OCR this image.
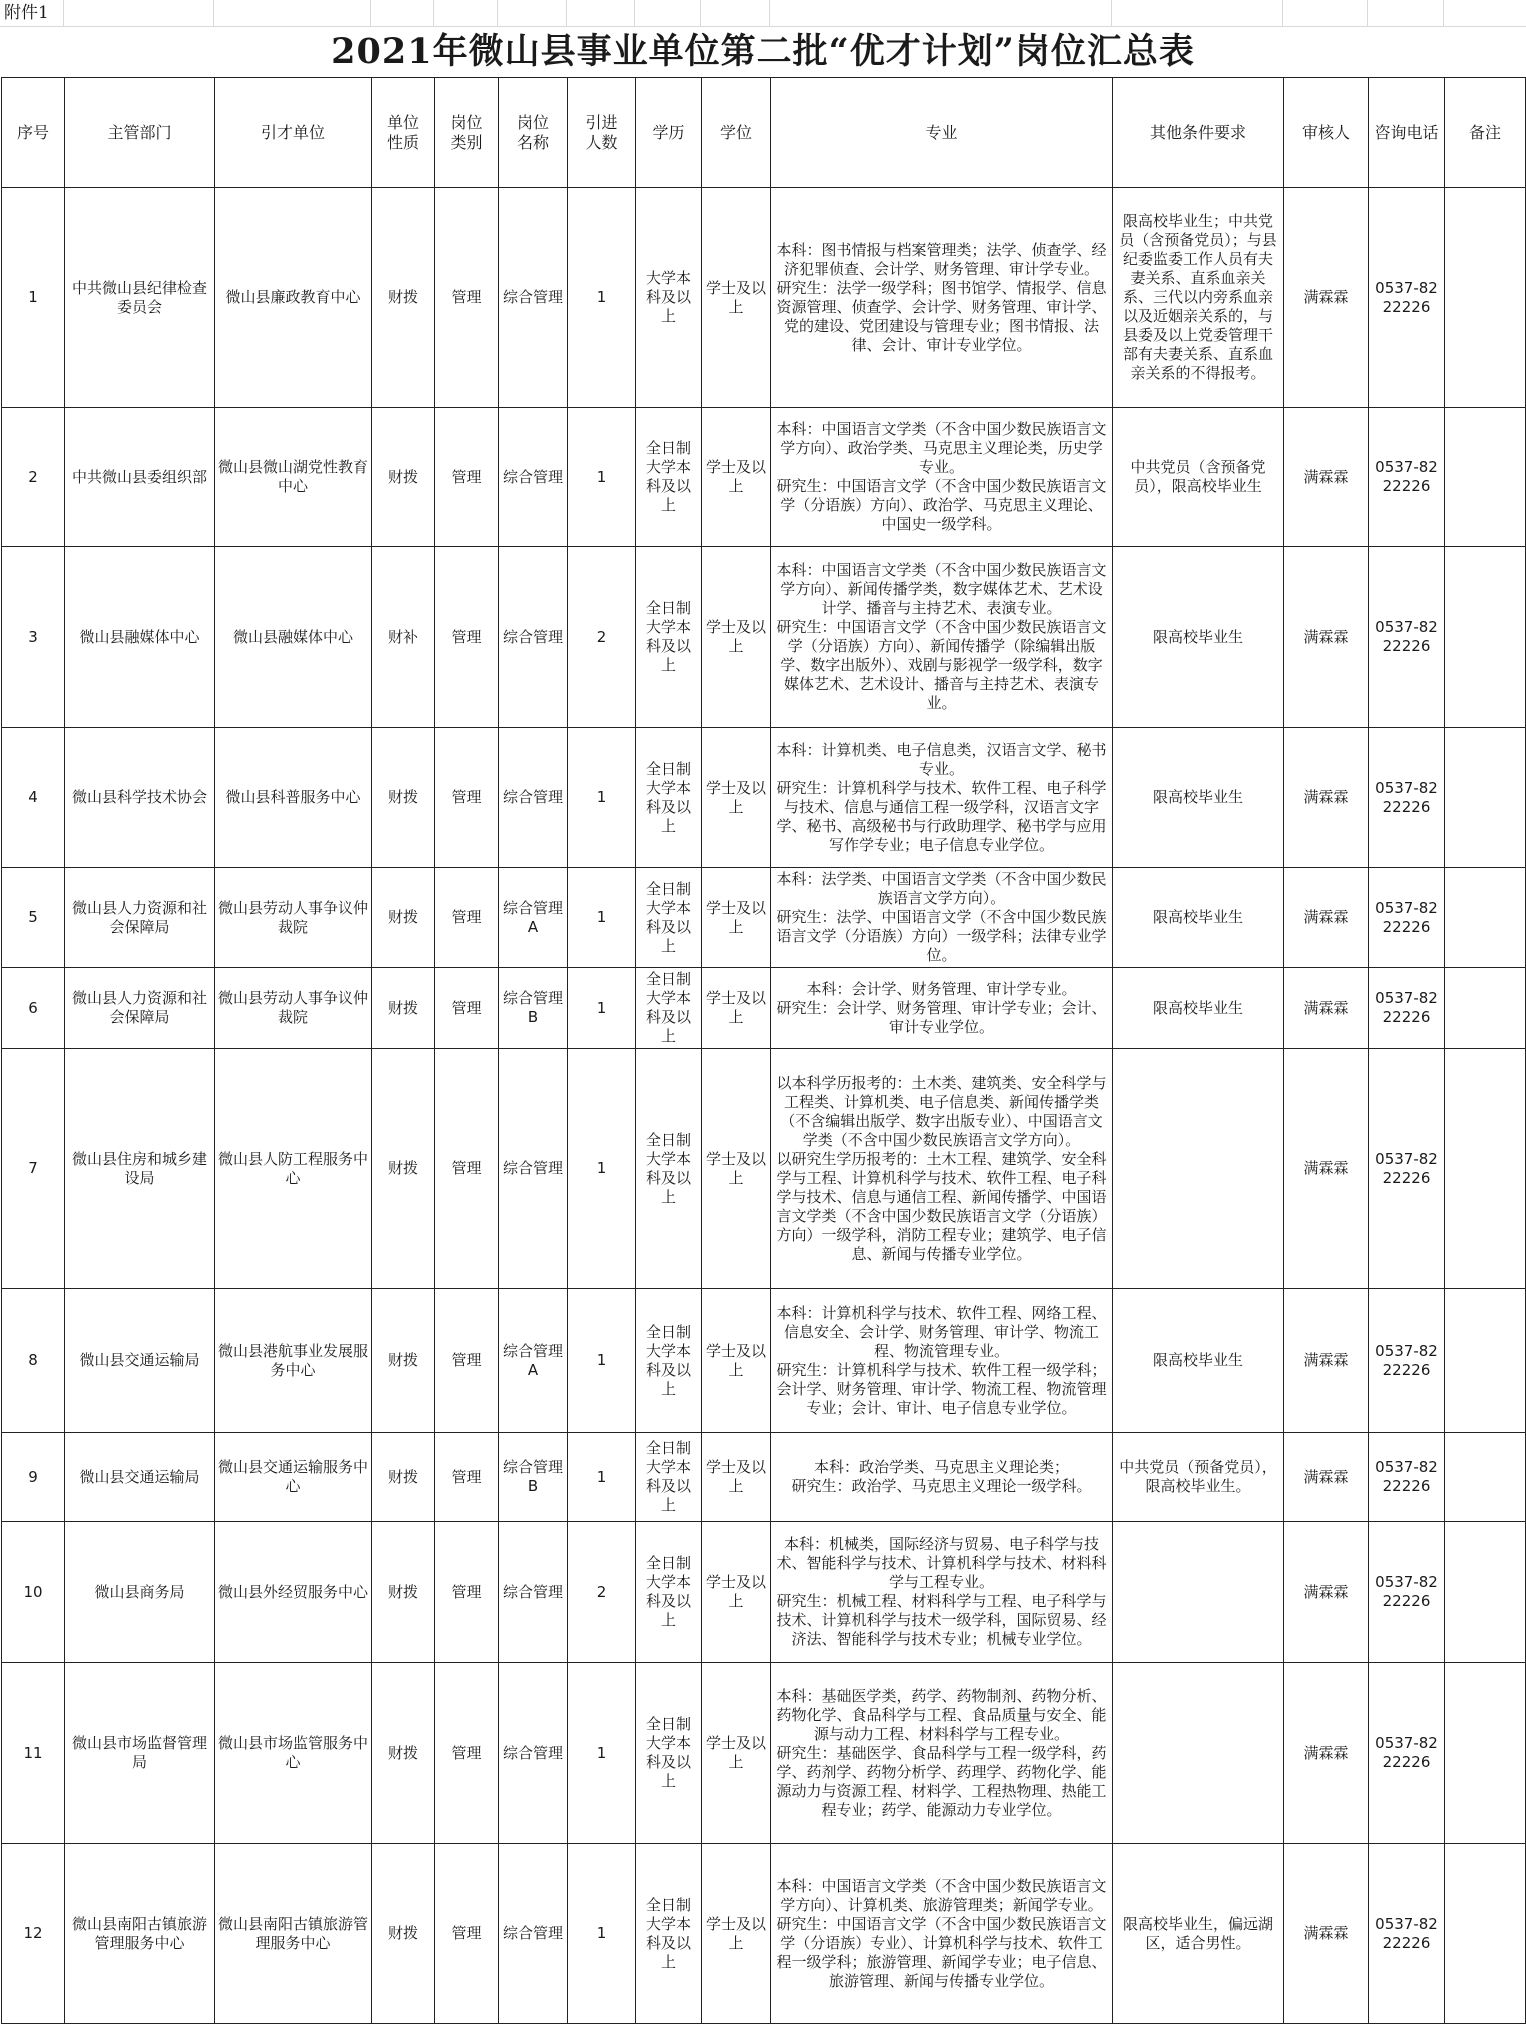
附件1
2021年微山县事业单位第二批“优才计划”岗位汇总表
序号	主管部门	引才单位	单位性质	岗位类别	岗位名称	引进人数	学历	学位	专业	其他条件要求	审核人	咨询电话	备注
1	中共微山县纪律检查委员会	微山县廉政教育中心	财拨	管理	综合管理	1	大学本科及以上	学士及以上	本科：图书情报与档案管理类；法学、侦查学、经济犯罪侦查、会计学、财务管理、审计学专业。
研究生：法学一级学科；图书馆学、情报学、信息资源管理、侦查学、会计学、财务管理、审计学、党的建设、党团建设与管理专业；图书情报、法律、会计、审计专业学位。	限高校毕业生；中共党员（含预备党员）；与县纪委监委工作人员有夫妻关系、直系血亲关系、三代以内旁系血亲以及近姻亲关系的，与县委及以上党委管理干部有夫妻关系、直系血亲关系的不得报考。	满霖霖	0537-8222226	
2	中共微山县委组织部	微山县微山湖党性教育中心	财拨	管理	综合管理	1	全日制大学本科及以上	学士及以上	本科：中国语言文学类（不含中国少数民族语言文学方向）、政治学类、马克思主义理论类，历史学专业。
研究生：中国语言文学（不含中国少数民族语言文学（分语族）方向）、政治学、马克思主义理论、中国史一级学科。	中共党员（含预备党员），限高校毕业生	满霖霖	0537-8222226	
3	微山县融媒体中心	微山县融媒体中心	财补	管理	综合管理	2	全日制大学本科及以上	学士及以上	本科：中国语言文学类（不含中国少数民族语言文学方向）、新闻传播学类，数字媒体艺术、艺术设计学、播音与主持艺术、表演专业。
研究生：中国语言文学（不含中国少数民族语言文学（分语族）方向）、新闻传播学（除编辑出版学、数字出版外）、戏剧与影视学一级学科，数字媒体艺术、艺术设计、播音与主持艺术、表演专业。	限高校毕业生	满霖霖	0537-8222226	
4	微山县科学技术协会	微山县科普服务中心	财拨	管理	综合管理	1	全日制大学本科及以上	学士及以上	本科：计算机类、电子信息类，汉语言文学、秘书专业。
研究生：计算机科学与技术、软件工程、电子科学与技术、信息与通信工程一级学科，汉语言文字学、秘书、高级秘书与行政助理学、秘书学与应用写作学专业；电子信息专业学位。	限高校毕业生	满霖霖	0537-8222226	
5	微山县人力资源和社会保障局	微山县劳动人事争议仲裁院	财拨	管理	综合管理A	1	全日制大学本科及以上	学士及以上	本科：法学类、中国语言文学类（不含中国少数民族语言文学方向）。
研究生：法学、中国语言文学（不含中国少数民族语言文学（分语族）方向）一级学科；法律专业学位。	限高校毕业生	满霖霖	0537-8222226	
6	微山县人力资源和社会保障局	微山县劳动人事争议仲裁院	财拨	管理	综合管理B	1	全日制大学本科及以上	学士及以上	本科：会计学、财务管理、审计学专业。
研究生：会计学、财务管理、审计学专业；会计、审计专业学位。	限高校毕业生	满霖霖	0537-8222226	
7	微山县住房和城乡建设局	微山县人防工程服务中心	财拨	管理	综合管理	1	全日制大学本科及以上	学士及以上	以本科学历报考的：土木类、建筑类、安全科学与工程类、计算机类、电子信息类、新闻传播学类（不含编辑出版学、数字出版专业）、中国语言文学类（不含中国少数民族语言文学方向）。
以研究生学历报考的：土木工程、建筑学、安全科学与工程、计算机科学与技术、软件工程、电子科学与技术、信息与通信工程、新闻传播学、中国语言文学类（不含中国少数民族语言文学（分语族）方向）一级学科，消防工程专业；建筑学、电子信息、新闻与传播专业学位。		满霖霖	0537-8222226	
8	微山县交通运输局	微山县港航事业发展服务中心	财拨	管理	综合管理A	1	全日制大学本科及以上	学士及以上	本科：计算机科学与技术、软件工程、网络工程、信息安全、会计学、财务管理、审计学、物流工程、物流管理专业。
研究生：计算机科学与技术、软件工程一级学科；会计学、财务管理、审计学、物流工程、物流管理专业；会计、审计、电子信息专业学位。	限高校毕业生	满霖霖	0537-8222226	
9	微山县交通运输局	微山县交通运输服务中心	财拨	管理	综合管理B	1	全日制大学本科及以上	学士及以上	本科：政治学类、马克思主义理论类；
研究生：政治学、马克思主义理论一级学科。	中共党员（预备党员），限高校毕业生。	满霖霖	0537-8222226	
10	微山县商务局	微山县外经贸服务中心	财拨	管理	综合管理	2	全日制大学本科及以上	学士及以上	本科：机械类，国际经济与贸易、电子科学与技术、智能科学与技术、计算机科学与技术、材料科学与工程专业。
研究生：机械工程、材料科学与工程、电子科学与技术、计算机科学与技术一级学科，国际贸易、经济法、智能科学与技术专业；机械专业学位。		满霖霖	0537-8222226	
11	微山县市场监督管理局	微山县市场监管服务中心	财拨	管理	综合管理	1	全日制大学本科及以上	学士及以上	本科：基础医学类，药学、药物制剂、药物分析、药物化学、食品科学与工程、食品质量与安全、能源与动力工程、材料科学与工程专业。
研究生：基础医学、食品科学与工程一级学科，药学、药剂学、药物分析学、药理学、药物化学、能源动力与资源工程、材料学、工程热物理、热能工程专业；药学、能源动力专业学位。		满霖霖	0537-8222226	
12	微山县南阳古镇旅游管理服务中心	微山县南阳古镇旅游管理服务中心	财拨	管理	综合管理	1	全日制大学本科及以上	学士及以上	本科：中国语言文学类（不含中国少数民族语言文学方向）、计算机类、旅游管理类；新闻学专业。
研究生：中国语言文学（不含中国少数民族语言文学（分语族）专业）、计算机科学与技术、软件工程一级学科；旅游管理、新闻学专业；电子信息、旅游管理、新闻与传播专业学位。	限高校毕业生，偏远湖区，适合男性。	满霖霖	0537-8222226	
